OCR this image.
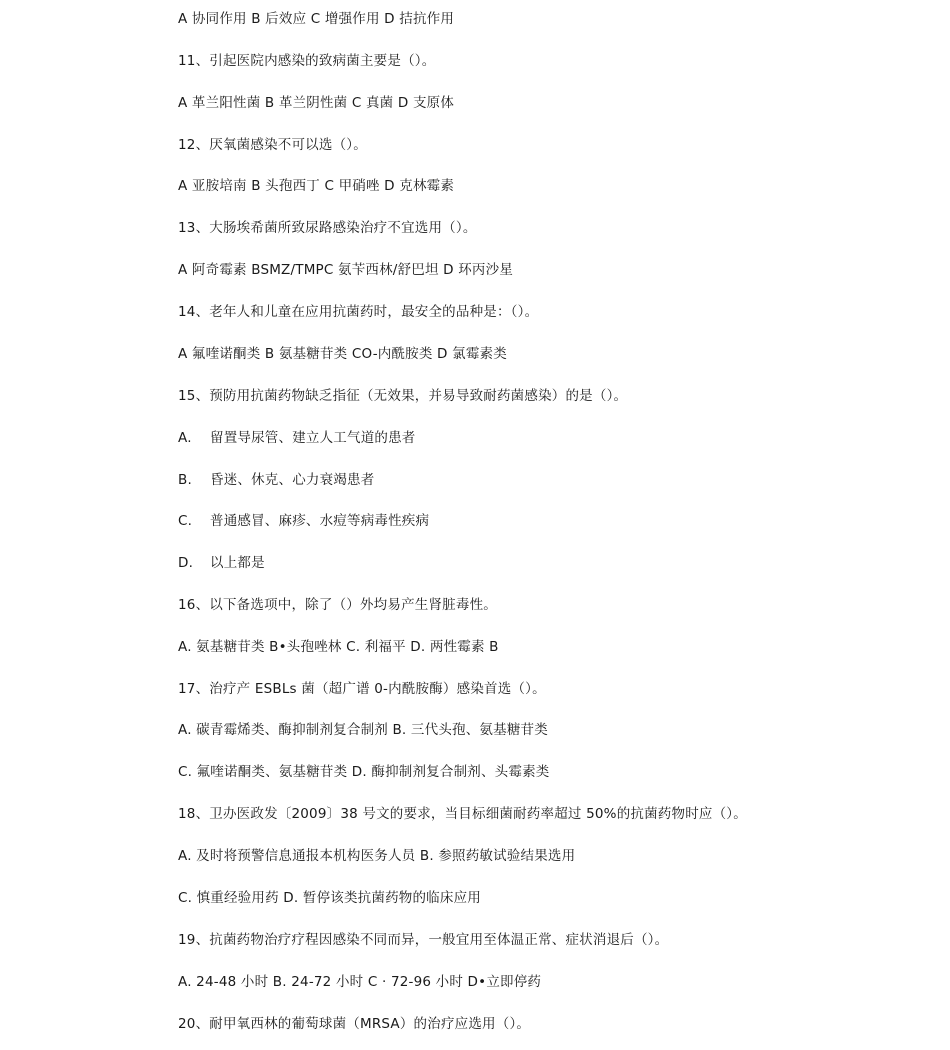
A 协同作用 B 后效应 C 增强作用 D 拮抗作用
11、引起医院内感染的致病菌主要是（）。
A 革兰阳性菌 B 革兰阴性菌 C 真菌 D 支原体
12、厌氧菌感染不可以选（）。
A 亚胺培南 B 头孢西丁 C 甲硝唑 D 克林霉素
13、大肠埃希菌所致尿路感染治疗不宜选用（）。
A 阿奇霉素 BSMZ/TMPC 氨苄西林/舒巴坦 D 环丙沙星
14、老年人和儿童在应用抗菌药时，最安全的品种是：（）。
A 氟喹诺酮类 B 氨基糖苷类 CO-内酰胺类 D 氯霉素类
15、预防用抗菌药物缺乏指征（无效果，并易导致耐药菌感染）的是（）。
A. 留置导尿管、建立人工气道的患者
B. 昏迷、休克、心力衰竭患者
C. 普通感冒、麻疹、水痘等病毒性疾病
D. 以上都是
16、以下备选项中，除了（）外均易产生肾脏毒性。
A. 氨基糖苷类 B•头孢唑林 C. 利福平 D. 两性霉素 B
17、治疗产 ESBLs 菌（超广谱 0-内酰胺酶）感染首选（）。
A. 碳青霉烯类、酶抑制剂复合制剂 B. 三代头孢、氨基糖苷类
C. 氟喹诺酮类、氨基糖苷类 D. 酶抑制剂复合制剂、头霉素类
18、卫办医政发〔2009〕38 号文的要求，当目标细菌耐药率超过 50%的抗菌药物时应（）。
A. 及时将预警信息通报本机构医务人员 B. 参照药敏试验结果选用
C. 慎重经验用药 D. 暂停该类抗菌药物的临床应用
19、抗菌药物治疗疗程因感染不同而异，一般宜用至体温正常、症状消退后（）。
A. 24-48 小时 B. 24-72 小时 C · 72-96 小时 D•立即停药
20、耐甲氧西林的葡萄球菌（MRSA）的治疗应选用（）。
